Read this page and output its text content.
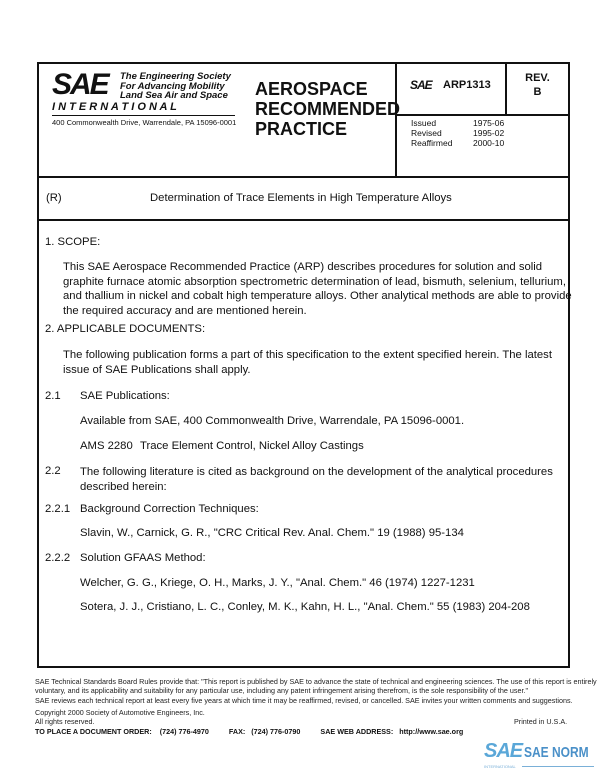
SAE The Engineering Society
For Advancing Mobility
Land Sea Air and Space
I N T E R N A T I O N A L
400 Commonwealth Drive, Warrendale, PA 15096-0001
AEROSPACE
RECOMMENDED
PRACTICE
SAE ARP1313
REV.
B
Issued	1975-06
Revised	1995-02
Reaffirmed 2000-10
(R)	Determination of Trace Elements in High Temperature Alloys
1. SCOPE:
This SAE Aerospace Recommended Practice (ARP) describes procedures for solution and solid
graphite furnace atomic absorption spectrometric determination of lead, bismuth, selenium, tellurium,
and thallium in nickel and cobalt high temperature alloys. Other analytical methods are able to provide
the required accuracy and are mentioned herein.
2. APPLICABLE DOCUMENTS:
The following publication forms a part of this specification to the extent specified herein. The latest
issue of SAE Publications shall apply.
2.1 SAE Publications:
Available from SAE, 400 Commonwealth Drive, Warrendale, PA 15096-0001.
AMS 2280 Trace Element Control, Nickel Alloy Castings
2.2 The following literature is cited as background on the development of the analytical procedures
described herein:
2.2.1 Background Correction Techniques:
Slavin, W., Carnick, G. R., "CRC Critical Rev. Anal. Chem." 19 (1988) 95-134
2.2.2 Solution GFAAS Method:
Welcher, G. G., Kriege, O. H., Marks, J. Y., "Anal. Chem." 46 (1974) 1227-1231
Sotera, J. J., Cristiano, L. C., Conley, M. K., Kahn, H. L., "Anal. Chem." 55 (1983) 204-208
SAE Technical Standards Board Rules provide that: "This report is published by SAE to advance the state of technical and engineering sciences. The use of this report is entirely
voluntary, and its applicability and suitability for any particular use, including any patent infringement arising therefrom, is the sole responsibility of the user."
SAE reviews each technical report at least every five years at which time it may be reaffirmed, revised, or cancelled. SAE invites your written comments and suggestions.
Copyright 2000 Society of Automotive Engineers, Inc.
All rights reserved.	Printed in U.S.A.
TO PLACE A DOCUMENT ORDER: (724) 776-4970	FAX: (724) 776-0790	SAE WEB ADDRESS: http://www.sae.org
SAE SAE NORM
INTERNATIONAL
